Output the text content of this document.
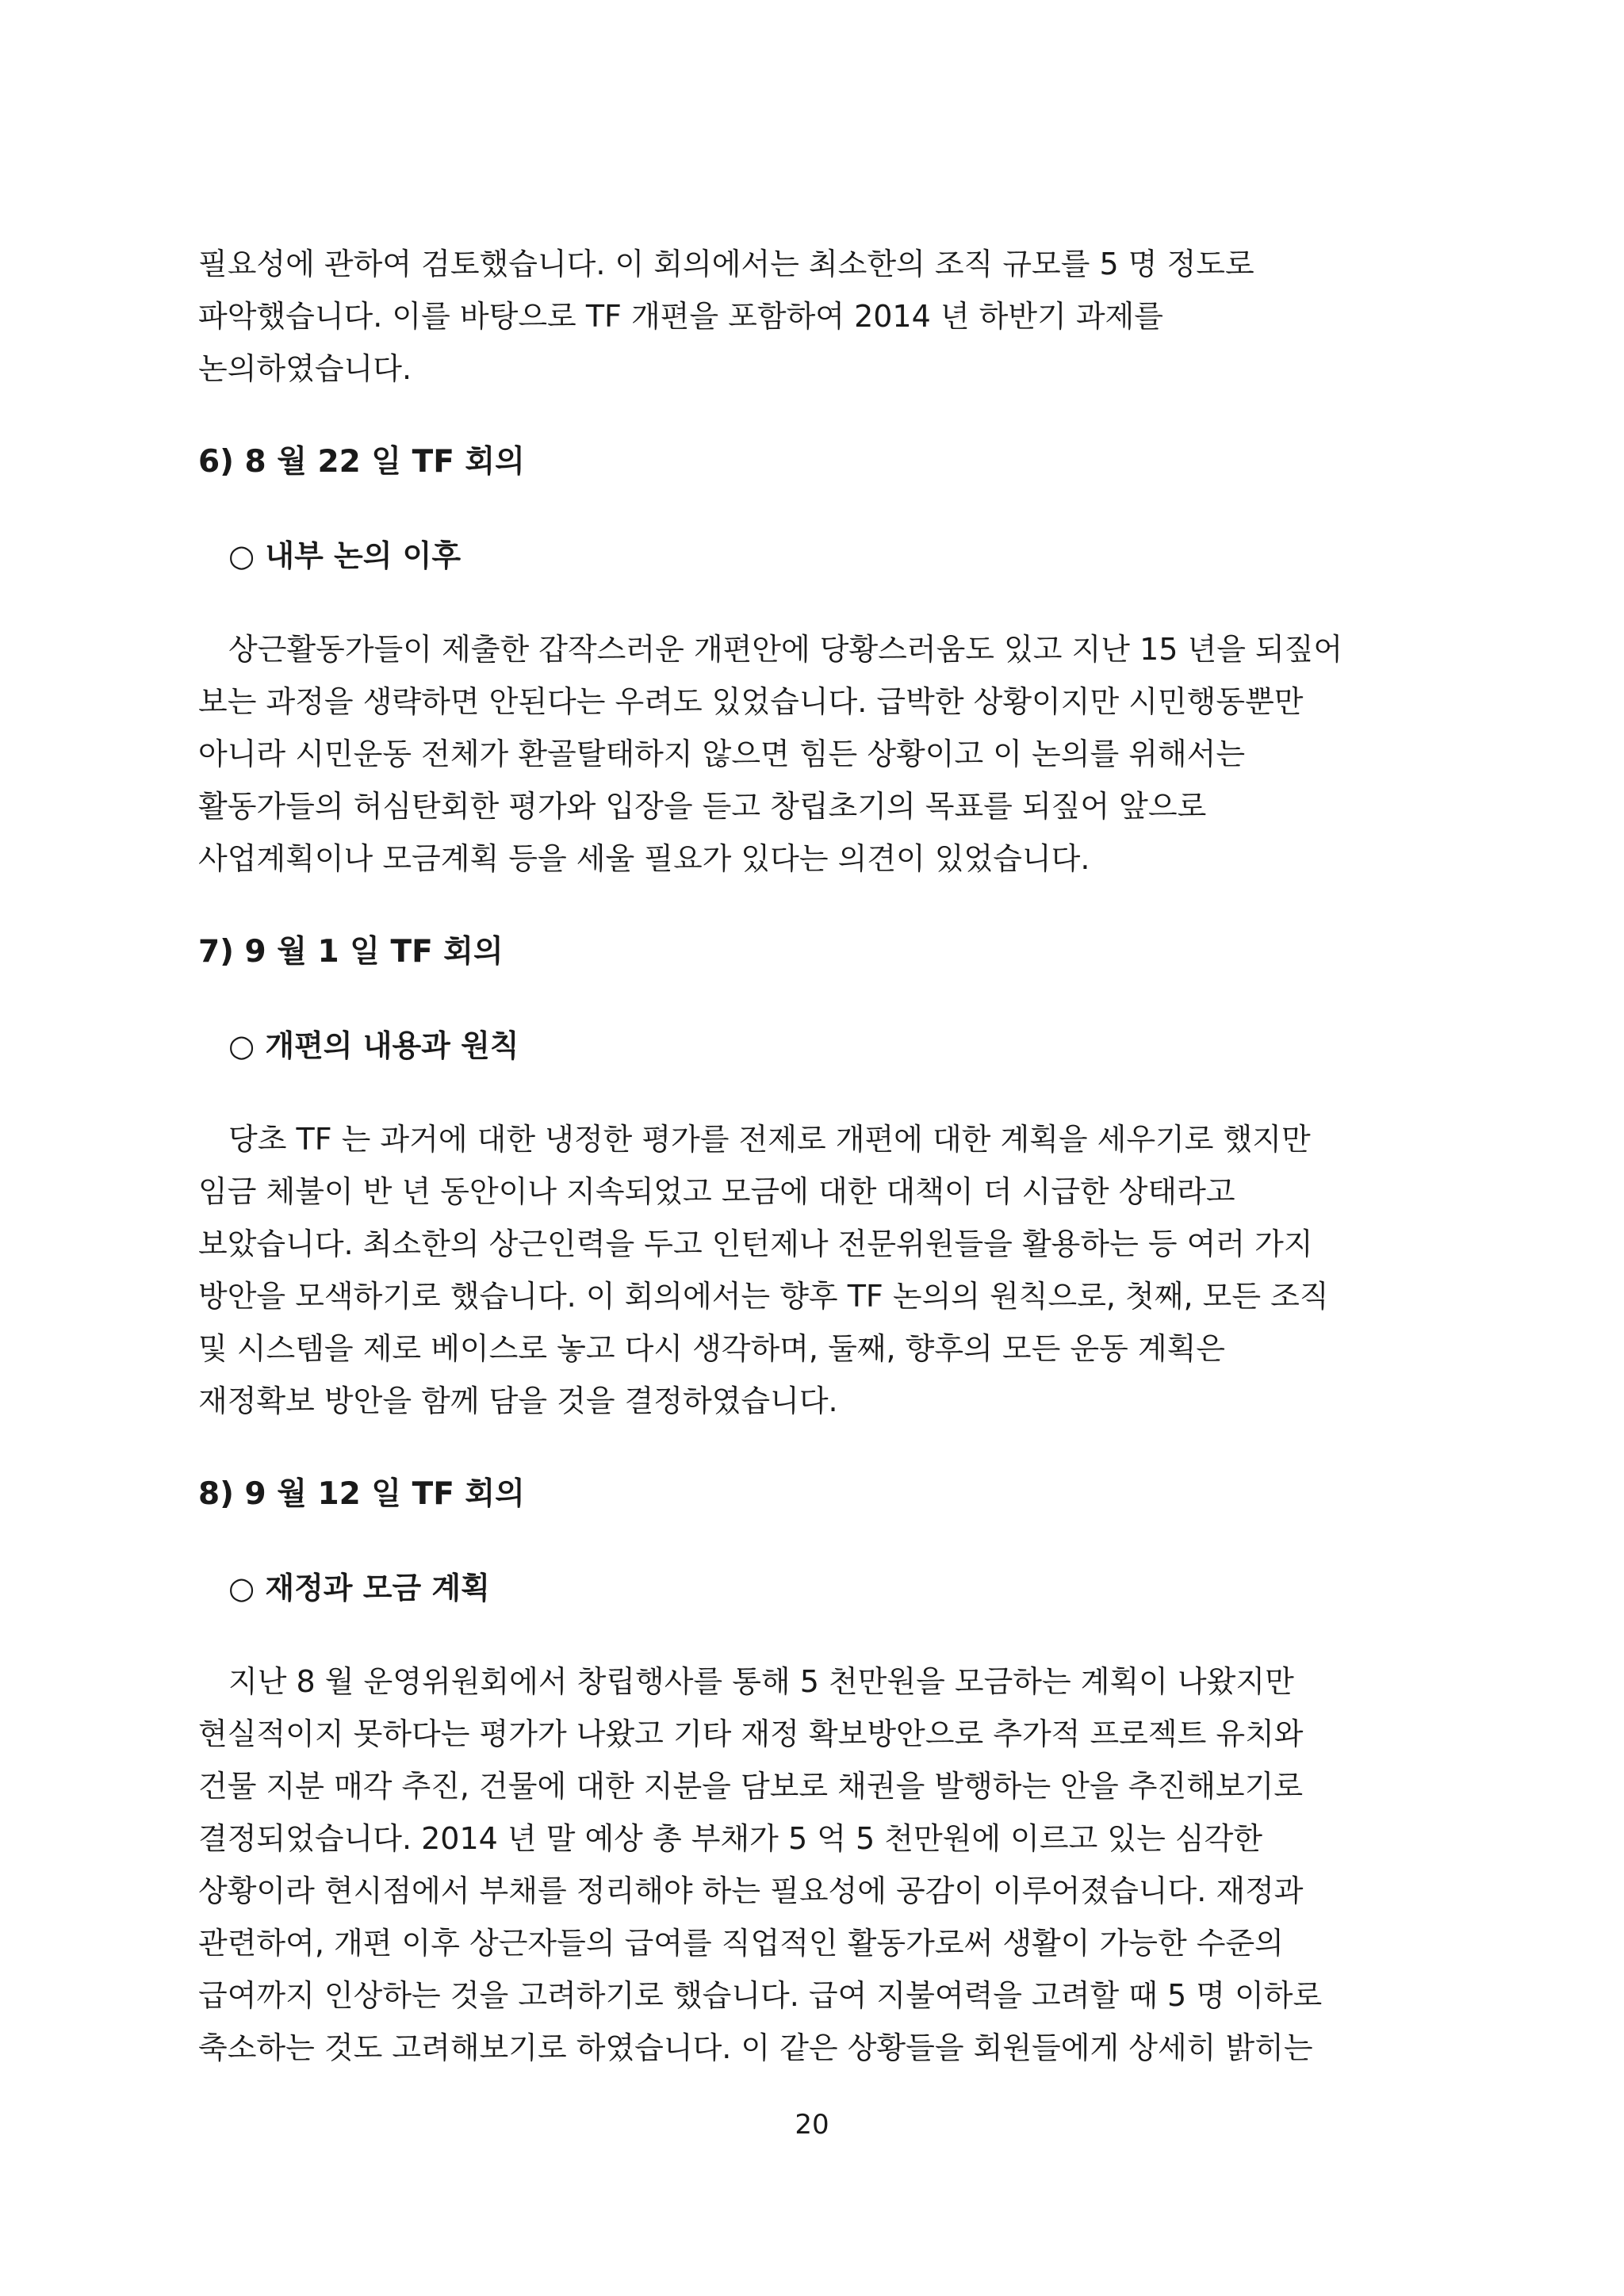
필요성에 관하여 검토했습니다. 이 회의에서는 최소한의 조직 규모를 5 명 정도로
파악했습니다. 이를 바탕으로 TF 개편을 포함하여 2014 년 하반기 과제를
논의하였습니다.
6) 8 월 22 일 TF 회의
○ 내부 논의 이후
상근활동가들이 제출한 갑작스러운 개편안에 당황스러움도 있고 지난 15 년을 되짚어
보는 과정을 생략하면 안된다는 우려도 있었습니다. 급박한 상황이지만 시민행동뿐만
아니라 시민운동 전체가 환골탈태하지 않으면 힘든 상황이고 이 논의를 위해서는
활동가들의 허심탄회한 평가와 입장을 듣고 창립초기의 목표를 되짚어 앞으로
사업계획이나 모금계획 등을 세울 필요가 있다는 의견이 있었습니다.
7) 9 월 1 일 TF 회의
○ 개편의 내용과 원칙
당초 TF 는 과거에 대한 냉정한 평가를 전제로 개편에 대한 계획을 세우기로 했지만
임금 체불이 반 년 동안이나 지속되었고 모금에 대한 대책이 더 시급한 상태라고
보았습니다. 최소한의 상근인력을 두고 인턴제나 전문위원들을 활용하는 등 여러 가지
방안을 모색하기로 했습니다. 이 회의에서는 향후 TF 논의의 원칙으로, 첫째, 모든 조직
및 시스템을 제로 베이스로 놓고 다시 생각하며, 둘째, 향후의 모든 운동 계획은
재정확보 방안을 함께 담을 것을 결정하였습니다.
8) 9 월 12 일 TF 회의
○ 재정과 모금 계획
지난 8 월 운영위원회에서 창립행사를 통해 5 천만원을 모금하는 계획이 나왔지만
현실적이지 못하다는 평가가 나왔고 기타 재정 확보방안으로 추가적 프로젝트 유치와
건물 지분 매각 추진, 건물에 대한 지분을 담보로 채권을 발행하는 안을 추진해보기로
결정되었습니다. 2014 년 말 예상 총 부채가 5 억 5 천만원에 이르고 있는 심각한
상황이라 현시점에서 부채를 정리해야 하는 필요성에 공감이 이루어졌습니다. 재정과
관련하여, 개편 이후 상근자들의 급여를 직업적인 활동가로써 생활이 가능한 수준의
급여까지 인상하는 것을 고려하기로 했습니다. 급여 지불여력을 고려할 때 5 명 이하로
축소하는 것도 고려해보기로 하였습니다. 이 같은 상황들을 회원들에게 상세히 밝히는
20
